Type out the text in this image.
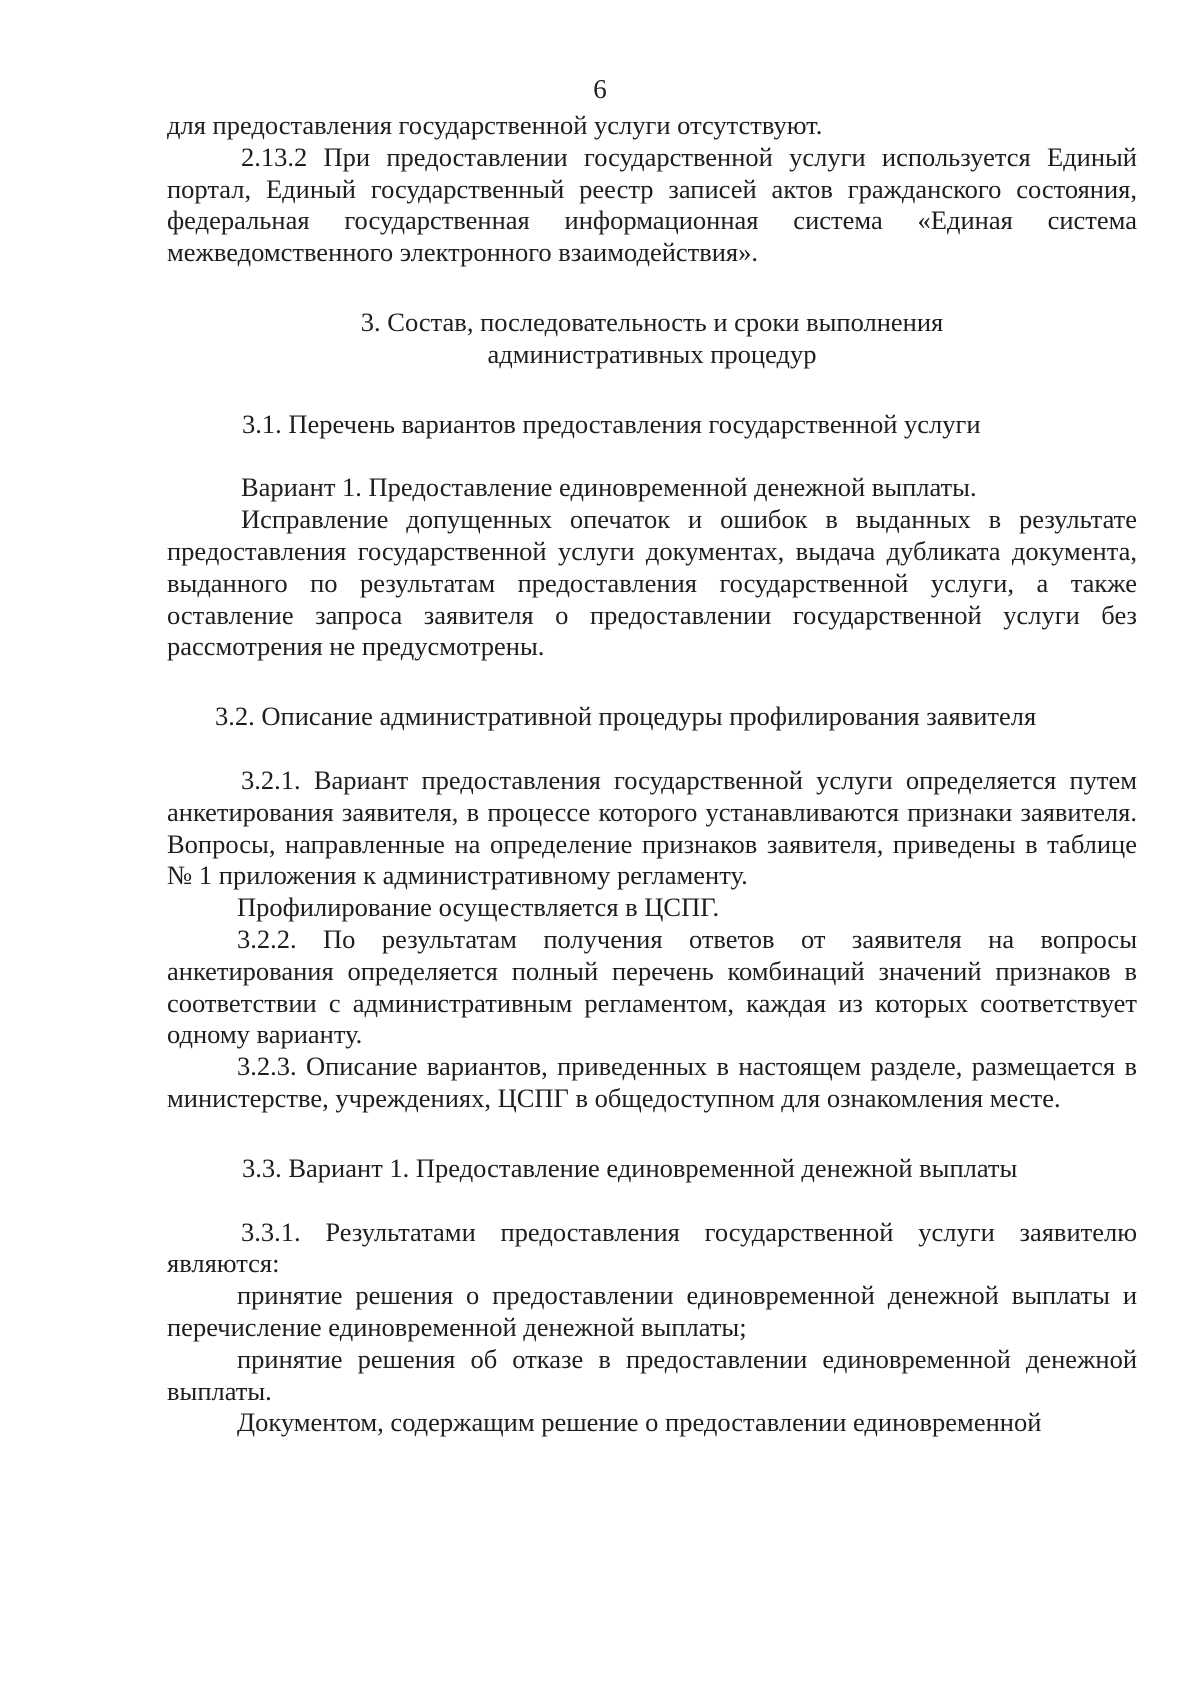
6

для предоставления государственной услуги отсутствуют.

2.13.2 При предоставлении государственной услуги используется Единый портал, Единый государственный реестр записей актов гражданского состояния, федеральная государственная информационная система «Единая система межведомственного электронного взаимодействия».

3. Состав, последовательность и сроки выполнения

административных процедур

3.1. Перечень вариантов предоставления государственной услуги

Вариант 1. Предоставление единовременной денежной выплаты.

Исправление допущенных опечаток и ошибок в выданных в результате предоставления государственной услуги документах, выдача дубликата документа, выданного по результатам предоставления государственной услуги, а также оставление запроса заявителя о предоставлении государственной услуги без рассмотрения не предусмотрены.

3.2. Описание административной процедуры профилирования заявителя

3.2.1. Вариант предоставления государственной услуги определяется путем анкетирования заявителя, в процессе которого устанавливаются признаки заявителя. Вопросы, направленные на определение признаков заявителя, приведены в таблице № 1 приложения к административному регламенту.

Профилирование осуществляется в ЦСПГ.

3.2.2. По результатам получения ответов от заявителя на вопросы анкетирования определяется полный перечень комбинаций значений признаков в соответствии с административным регламентом, каждая из которых соответствует одному варианту.

3.2.3. Описание вариантов, приведенных в настоящем разделе, размещается в министерстве, учреждениях, ЦСПГ в общедоступном для ознакомления месте.

3.3. Вариант 1. Предоставление единовременной денежной выплаты

3.3.1. Результатами предоставления государственной услуги заявителю являются:

принятие решения о предоставлении единовременной денежной выплаты и перечисление единовременной денежной выплаты;

принятие решения об отказе в предоставлении единовременной денежной выплаты.

Документом, содержащим решение о предоставлении единовременной
